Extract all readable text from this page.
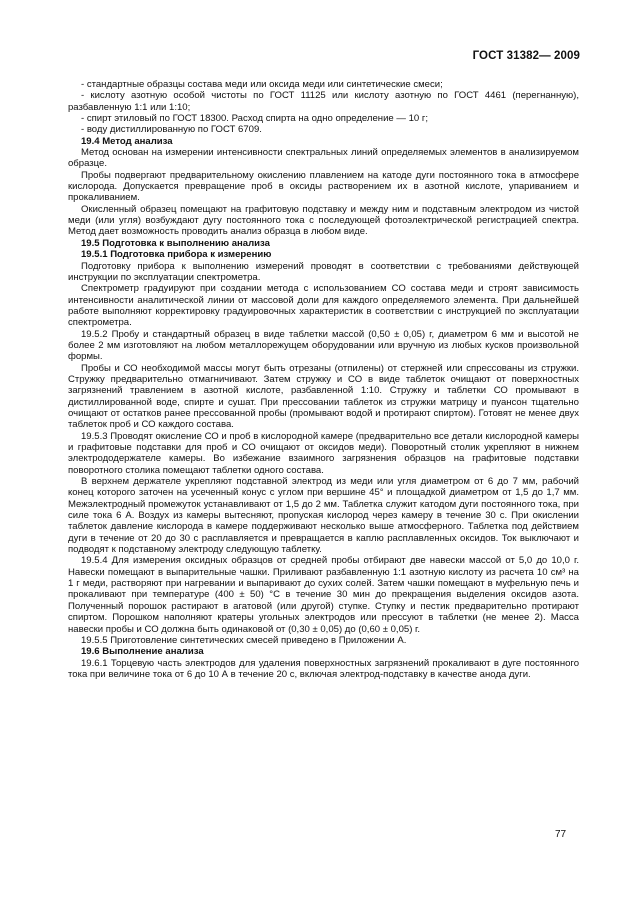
ГОСТ 31382— 2009

- стандартные образцы состава меди или оксида меди или синтетические смеси;

- кислоту азотную особой чистоты по ГОСТ 11125 или кислоту азотную по ГОСТ 4461 (перегнанную), разбавленную 1:1 или 1:10;

- спирт этиловый по ГОСТ 18300. Расход спирта на одно определение — 10 г;

- воду дистиллированную по ГОСТ 6709.

19.4 Метод анализа

Метод основан на измерении интенсивности спектральных линий определяемых элементов в анализируемом образце.

Пробы подвергают предварительному окислению плавлением на катоде дуги постоянного тока в атмосфере кислорода. Допускается превращение проб в оксиды растворением их в азотной кислоте, упариванием и прокаливанием.

Окисленный образец помещают на графитовую подставку и между ним и подставным электродом из чистой меди (или угля) возбуждают дугу постоянного тока с последующей фотоэлектрической регистрацией спектра. Метод дает возможность проводить анализ образца в любом виде.

19.5 Подготовка к выполнению анализа

19.5.1 Подготовка прибора к измерению

Подготовку прибора к выполнению измерений проводят в соответствии с требованиями действующей инструкции по эксплуатации спектрометра.

Спектрометр градуируют при создании метода с использованием СО состава меди и строят зависимость интенсивности аналитической линии от массовой доли для каждого определяемого элемента. При дальнейшей работе выполняют корректировку градуировочных характеристик в соответствии с инструкцией по эксплуатации спектрометра.

19.5.2 Пробу и стандартный образец в виде таблетки массой (0,50 ± 0,05) г, диаметром 6 мм и высотой не более 2 мм изготовляют на любом металлорежущем оборудовании или вручную из любых кусков произвольной формы.

Пробы и СО необходимой массы могут быть отрезаны (отпилены) от стержней или спрессованы из стружки. Стружку предварительно отмагничивают. Затем стружку и СО в виде таблеток очищают от поверхностных загрязнений травлением в азотной кислоте, разбавленной 1:10. Стружку и таблетки СО промывают в дистиллированной воде, спирте и сушат. При прессовании таблеток из стружки матрицу и пуансон тщательно очищают от остатков ранее прессованной пробы (промывают водой и протирают спиртом). Готовят не менее двух таблеток проб и СО каждого состава.

19.5.3 Проводят окисление СО и проб в кислородной камере (предварительно все детали кислородной камеры и графитовые подставки для проб и СО очищают от оксидов меди). Поворотный столик укрепляют в нижнем электрододержателе камеры. Во избежание взаимного загрязнения образцов на графитовые подставки поворотного столика помещают таблетки одного состава.

В верхнем держателе укрепляют подставной электрод из меди или угля диаметром от 6 до 7 мм, рабочий конец которого заточен на усеченный конус с углом при вершине 45° и площадкой диаметром от 1,5 до 1,7 мм. Межэлектродный промежуток устанавливают от 1,5 до 2 мм. Таблетка служит катодом дуги постоянного тока, при силе тока 6 А. Воздух из камеры вытесняют, пропуская кислород через камеру в течение 30 с. При окислении таблеток давление кислорода в камере поддерживают несколько выше атмосферного. Таблетка под действием дуги в течение от 20 до 30 с расплавляется и превращается в каплю расплавленных оксидов. Ток выключают и подводят к подставному электроду следующую таблетку.

19.5.4 Для измерения оксидных образцов от средней пробы отбирают две навески массой от 5,0 до 10,0 г. Навески помещают в выпарительные чашки. Приливают разбавленную 1:1 азотную кислоту из расчета 10 см³ на 1 г меди, растворяют при нагревании и выпаривают до сухих солей. Затем чашки помещают в муфельную печь и прокаливают при температуре (400 ± 50) °С в течение 30 мин до прекращения выделения оксидов азота. Полученный порошок растирают в агатовой (или другой) ступке. Ступку и пестик предварительно протирают спиртом. Порошком наполняют кратеры угольных электродов или прессуют в таблетки (не менее 2). Масса навески пробы и СО должна быть одинаковой от (0,30 ± 0,05) до (0,60 ± 0,05) г.

19.5.5 Приготовление синтетических смесей приведено в Приложении А.

19.6 Выполнение анализа

19.6.1 Торцевую часть электродов для удаления поверхностных загрязнений прокаливают в дуге постоянного тока при величине тока от 6 до 10 А в течение 20 с, включая электрод-подставку в качестве анода дуги.

77
